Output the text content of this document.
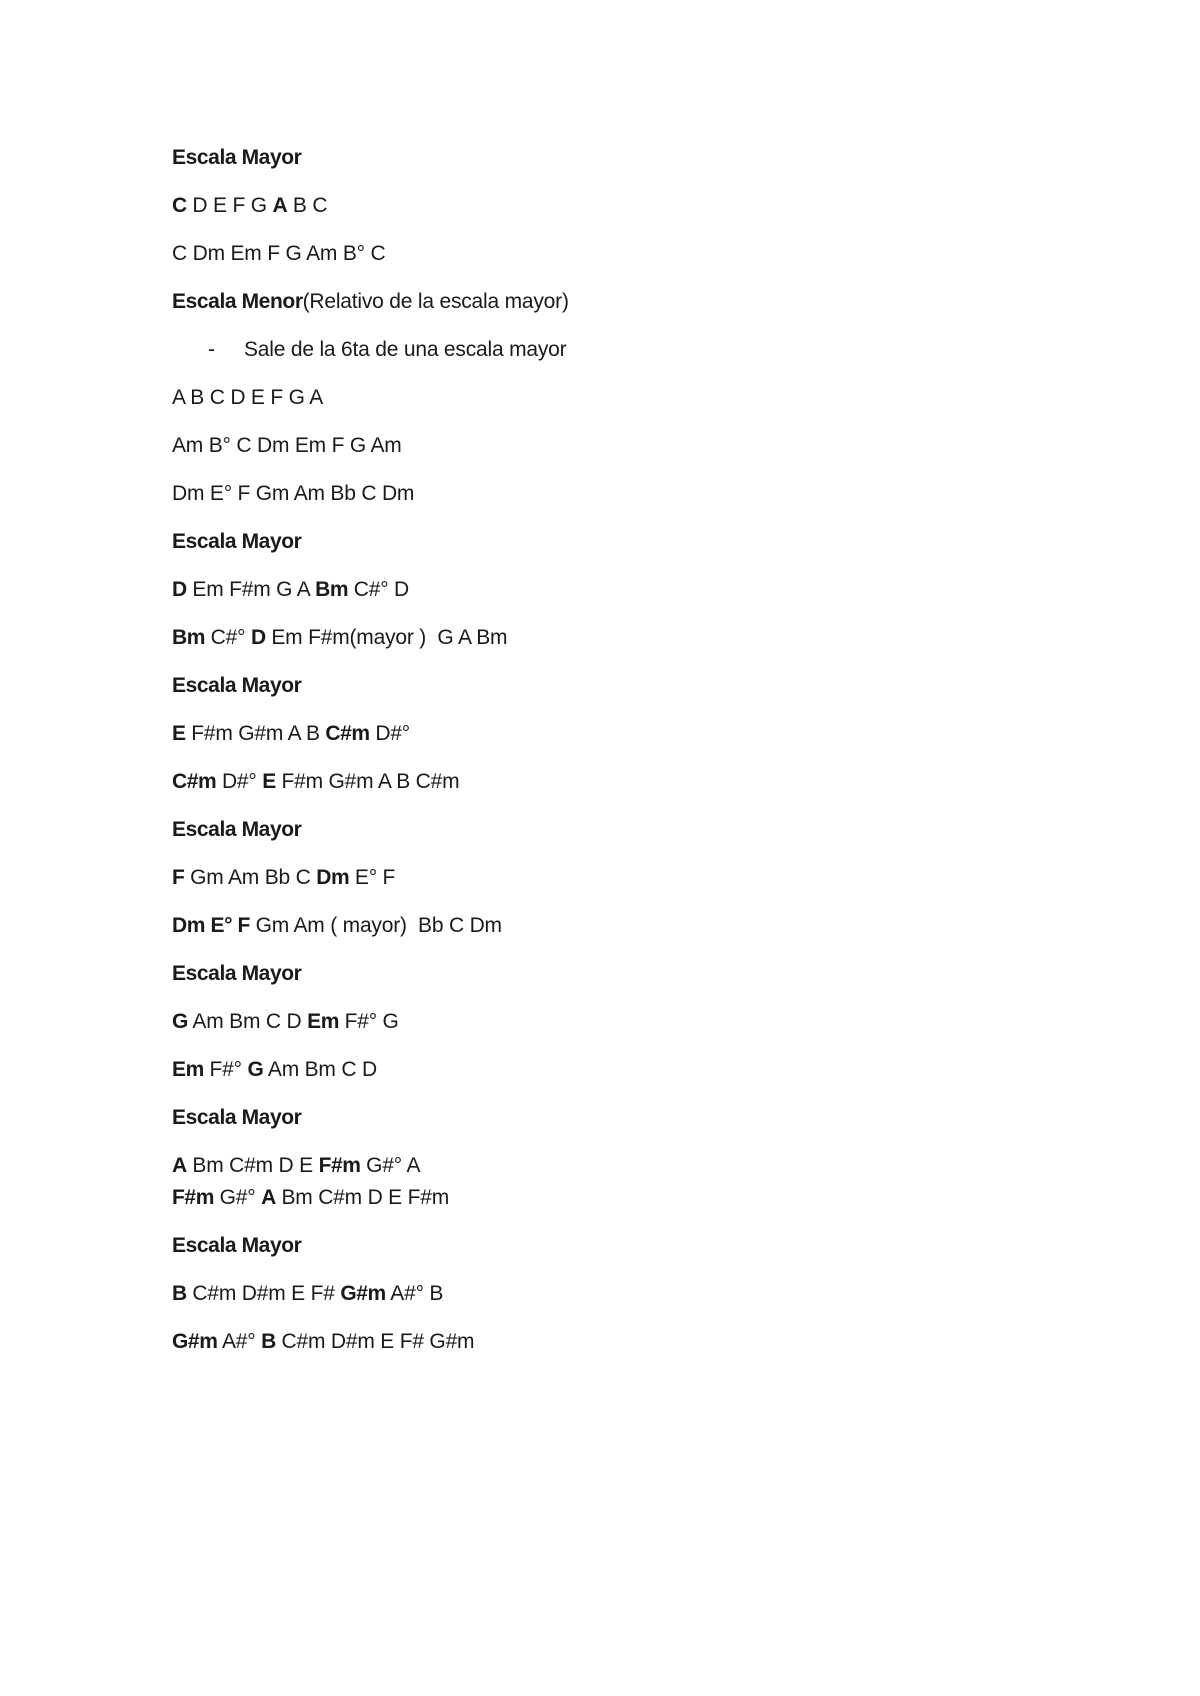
Escala Mayor
C D E F G A B C
C Dm Em F G Am B° C
Escala Menor(Relativo de la escala mayor)
- Sale de la 6ta de una escala mayor
A B C D E F G A
Am B° C Dm Em F G Am
Dm E° F Gm Am Bb C Dm
Escala Mayor
D Em F#m G A Bm C#° D
Bm C#° D Em F#m(mayor )  G A Bm
Escala Mayor
E F#m G#m A B C#m D#°
C#m D#° E F#m G#m A B C#m
Escala Mayor
F Gm Am Bb C Dm E° F
Dm E° F Gm Am ( mayor)  Bb C Dm
Escala Mayor
G Am Bm C D Em F#° G
Em F#° G Am Bm C D
Escala Mayor
A Bm C#m D E F#m G#° A
F#m G#° A Bm C#m D E F#m
Escala Mayor
B C#m D#m E F# G#m A#° B
G#m A#° B C#m D#m E F# G#m
